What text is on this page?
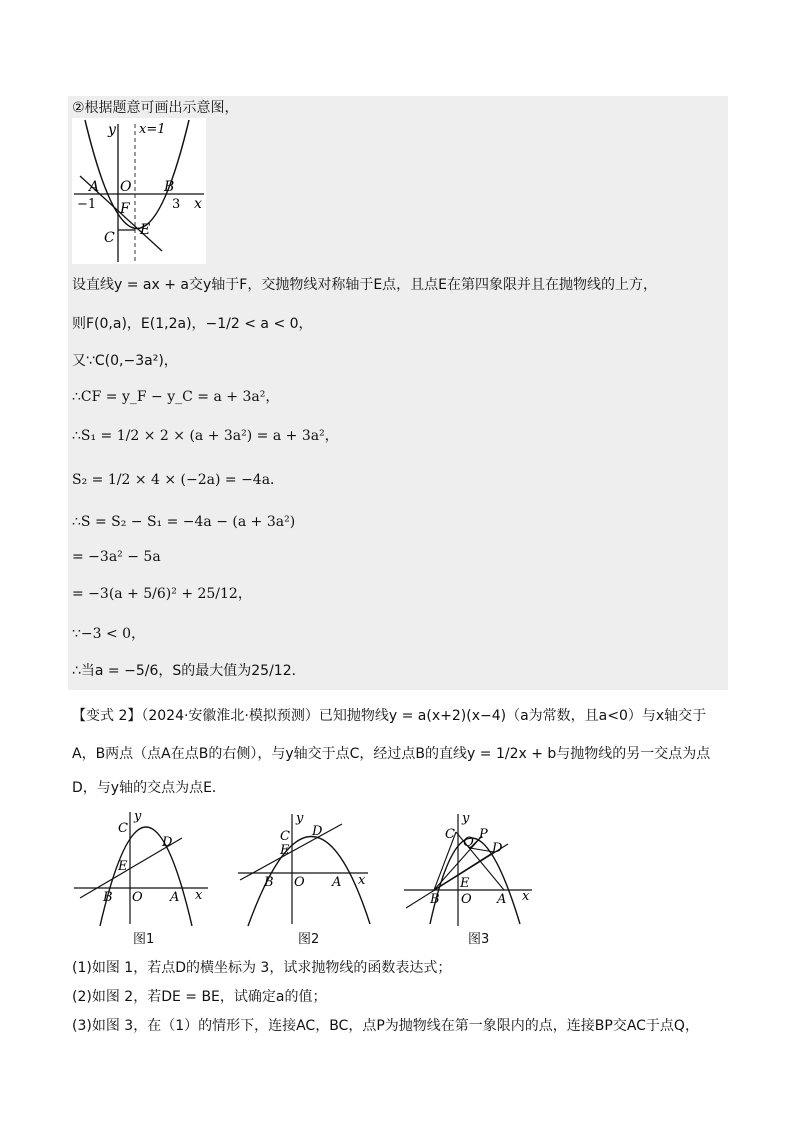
②根据题意可画出示意图，
y x=1
A O B
−1 F	3 x
C E
设直线y = ax + a交y轴于F，交抛物线对称轴于E点，且点E在第四象限并且在抛物线的上方，
则F(0,a)，E(1,2a)，−1/2 < a < 0，
又∵C(0,−3a²)，
∴CF = y_F − y_C = a + 3a²，
∴S₁ = 1/2 × 2 × (a + 3a²) = a + 3a²，
S₂ = 1/2 × 4 × (−2a) = −4a．
∴S = S₂ − S₁ = −4a − (a + 3a²)
= −3a² − 5a
= −3(a + 5/6)² + 25/12，
∵−3 < 0，
∴当a = −5/6，S的最大值为25/12．
【变式 2】（2024·安徽淮北·模拟预测）已知抛物线y = a(x+2)(x−4)（a为常数，且a<0）与x轴交于
A，B两点（点A在点B的右侧），与y轴交于点C，经过点B的直线y = 1/2x + b与抛物线的另一交点为点
D，与y轴的交点为点E．
y
C
D
E
B O A x
图1
y
C D
E
B O A x
图2
y
C
Q
P
D
E
B O A x
图3
(1)如图 1，若点D的横坐标为 3，试求抛物线的函数表达式；
(2)如图 2，若DE = BE，试确定a的值；
(3)如图 3，在（1）的情形下，连接AC，BC，点P为抛物线在第一象限内的点，连接BP交AC于点Q，
